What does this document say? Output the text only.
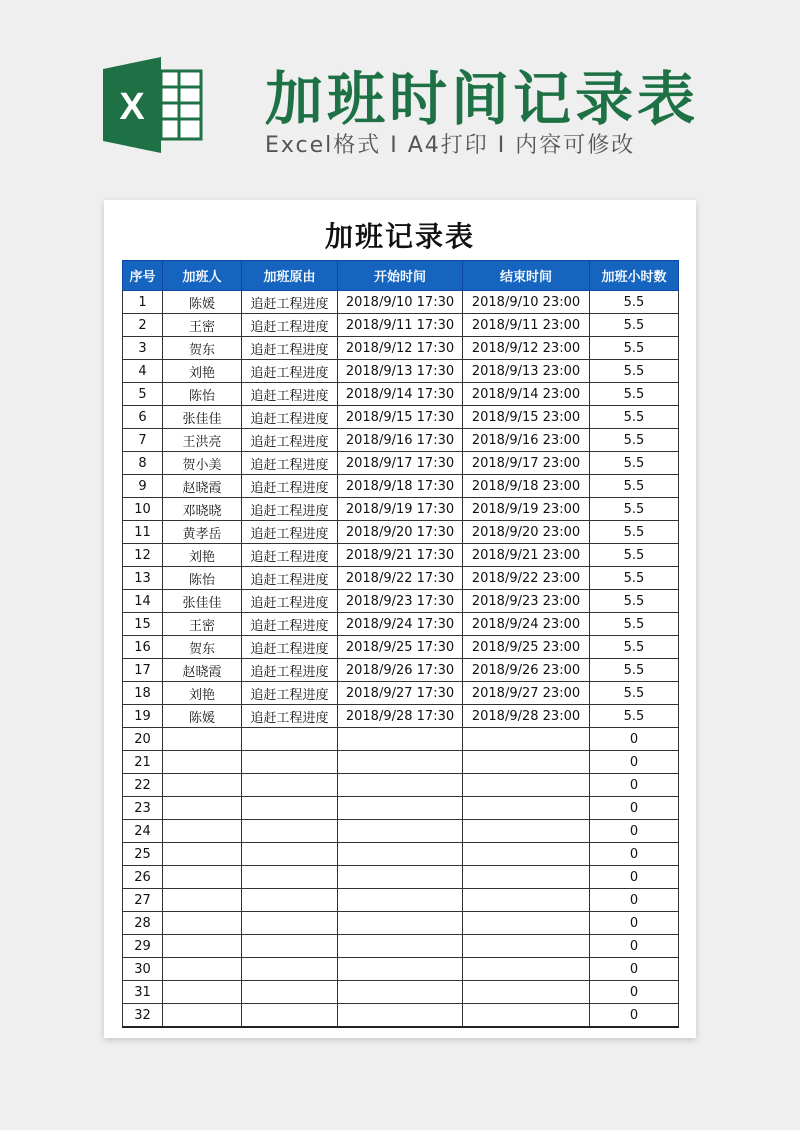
X 加班时间记录表
Excel格式 I A4打印 I 内容可修改
加班记录表
序号	加班人	加班原由	开始时间	结束时间	加班小时数
1	陈媛	追赶工程进度	2018/9/10 17:30	2018/9/10 23:00	5.5
2	王密	追赶工程进度	2018/9/11 17:30	2018/9/11 23:00	5.5
3	贺东	追赶工程进度	2018/9/12 17:30	2018/9/12 23:00	5.5
4	刘艳	追赶工程进度	2018/9/13 17:30	2018/9/13 23:00	5.5
5	陈怡	追赶工程进度	2018/9/14 17:30	2018/9/14 23:00	5.5
6	张佳佳	追赶工程进度	2018/9/15 17:30	2018/9/15 23:00	5.5
7	王洪亮	追赶工程进度	2018/9/16 17:30	2018/9/16 23:00	5.5
8	贺小美	追赶工程进度	2018/9/17 17:30	2018/9/17 23:00	5.5
9	赵晓霞	追赶工程进度	2018/9/18 17:30	2018/9/18 23:00	5.5
10	邓晓晓	追赶工程进度	2018/9/19 17:30	2018/9/19 23:00	5.5
11	黄孝岳	追赶工程进度	2018/9/20 17:30	2018/9/20 23:00	5.5
12	刘艳	追赶工程进度	2018/9/21 17:30	2018/9/21 23:00	5.5
13	陈怡	追赶工程进度	2018/9/22 17:30	2018/9/22 23:00	5.5
14	张佳佳	追赶工程进度	2018/9/23 17:30	2018/9/23 23:00	5.5
15	王密	追赶工程进度	2018/9/24 17:30	2018/9/24 23:00	5.5
16	贺东	追赶工程进度	2018/9/25 17:30	2018/9/25 23:00	5.5
17	赵晓霞	追赶工程进度	2018/9/26 17:30	2018/9/26 23:00	5.5
18	刘艳	追赶工程进度	2018/9/27 17:30	2018/9/27 23:00	5.5
19	陈媛	追赶工程进度	2018/9/28 17:30	2018/9/28 23:00	5.5
20					0
21					0
22					0
23					0
24					0
25					0
26					0
27					0
28					0
29					0
30					0
31					0
32					0
